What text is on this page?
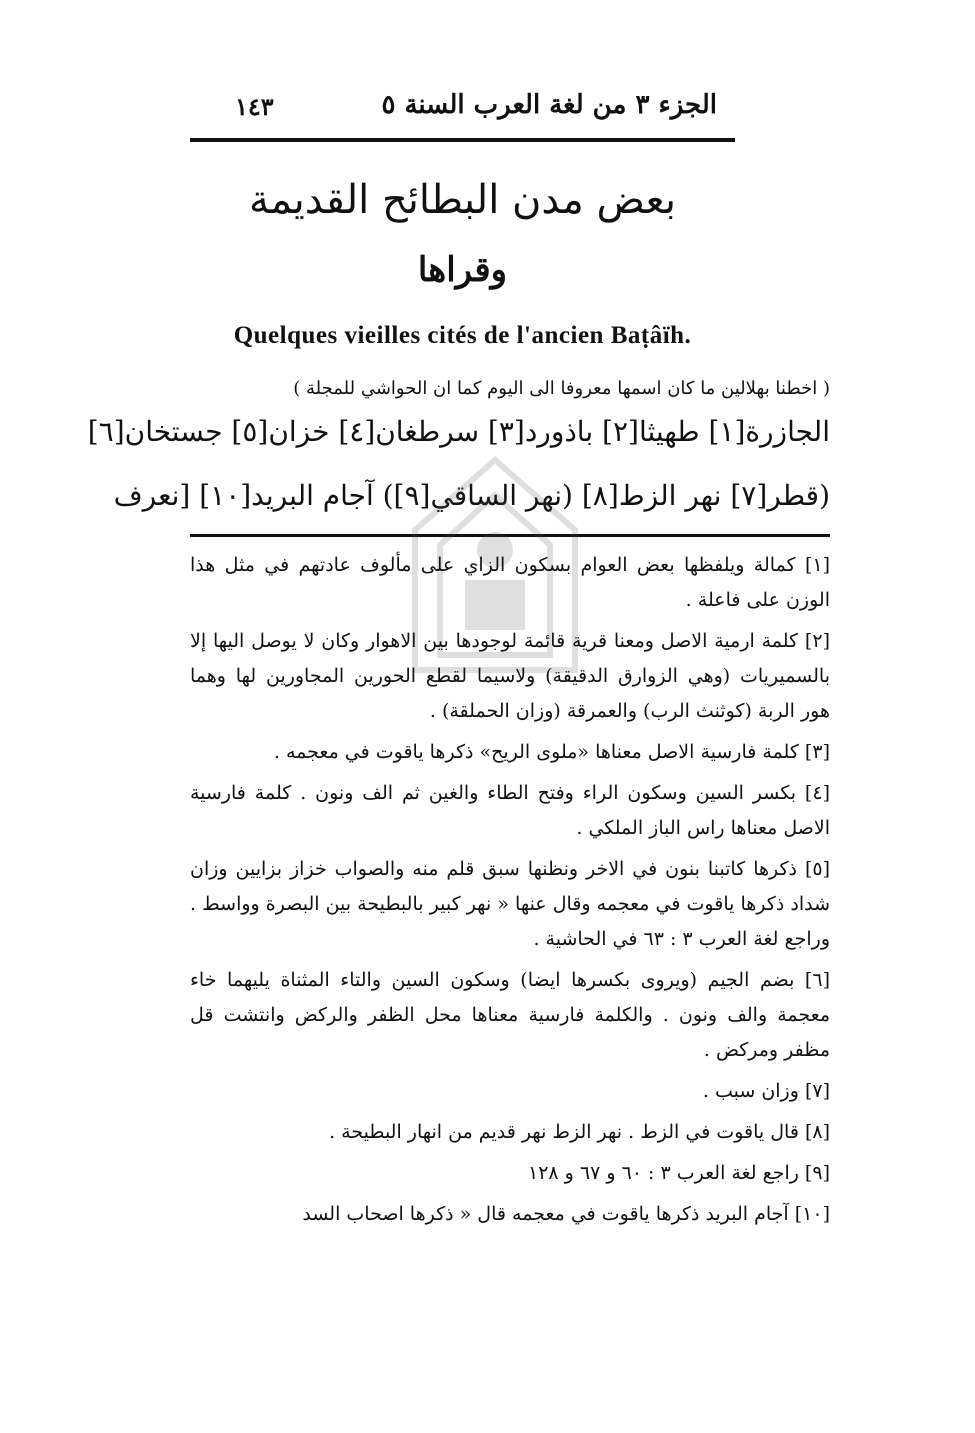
الجزء ٣ من لغة العرب السنة ٥
١٤٣
بعض مدن البطائح القديمة
وقراها
Quelques vieilles cités de l'ancien Baṭâïh.
( اخطنا بهلالين ما كان اسمها معروفا الى اليوم كما ان الحواشي للمجلة )
الجازرة[١] طهيثا[٢] باذورد[٣] سرطغان[٤] خزان[٥] جستخان[٦]
(قطر[٧] نهر الزط[٨] (نهر الساقي[٩]) آجام البريد[١٠] [نعرف

[١] كمالة ويلفظها بعض العوام بسكون الزاي على مألوف عادتهم في مثل هذا الوزن على فاعلة .

[٢] كلمة ارمية الاصل ومعنا قرية قائمة لوجودها بين الاهوار وكان لا يوصل اليها إلا بالسميريات (وهي الزوارق الدقيقة) ولاسيما لقطع الحورين المجاورين لها وهما هور الربة (كوثنث الرب) والعمرقة (وزان الحملقة) .

[٣] كلمة فارسية الاصل معناها «ملوى الريح» ذكرها ياقوت في معجمه .

[٤] بكسر السين وسكون الراء وفتح الطاء والغين ثم الف ونون . كلمة فارسية الاصل معناها راس الباز الملكي .

[٥] ذكرها كاتبنا بنون في الاخر ونظنها سبق قلم منه والصواب خزاز بزايين وزان شداد ذكرها ياقوت في معجمه وقال عنها « نهر كبير بالبطيحة بين البصرة وواسط . وراجع لغة العرب ٣ : ٦٣ في الحاشية .

[٦] بضم الجيم (ويروى بكسرها ايضا) وسكون السين والتاء المثناة يليهما خاء معجمة والف ونون . والكلمة فارسية معناها محل الظفر والركض وانتشت قل مظفر ومركض .

[٧] وزان سبب .

[٨] قال ياقوت في الزط . نهر الزط نهر قديم من انهار البطيحة .

[٩] راجع لغة العرب ٣ : ٦٠ و ٦٧ و ١٢٨

[١٠] آجام البريد ذكرها ياقوت في معجمه قال « ذكرها اصحاب السد
